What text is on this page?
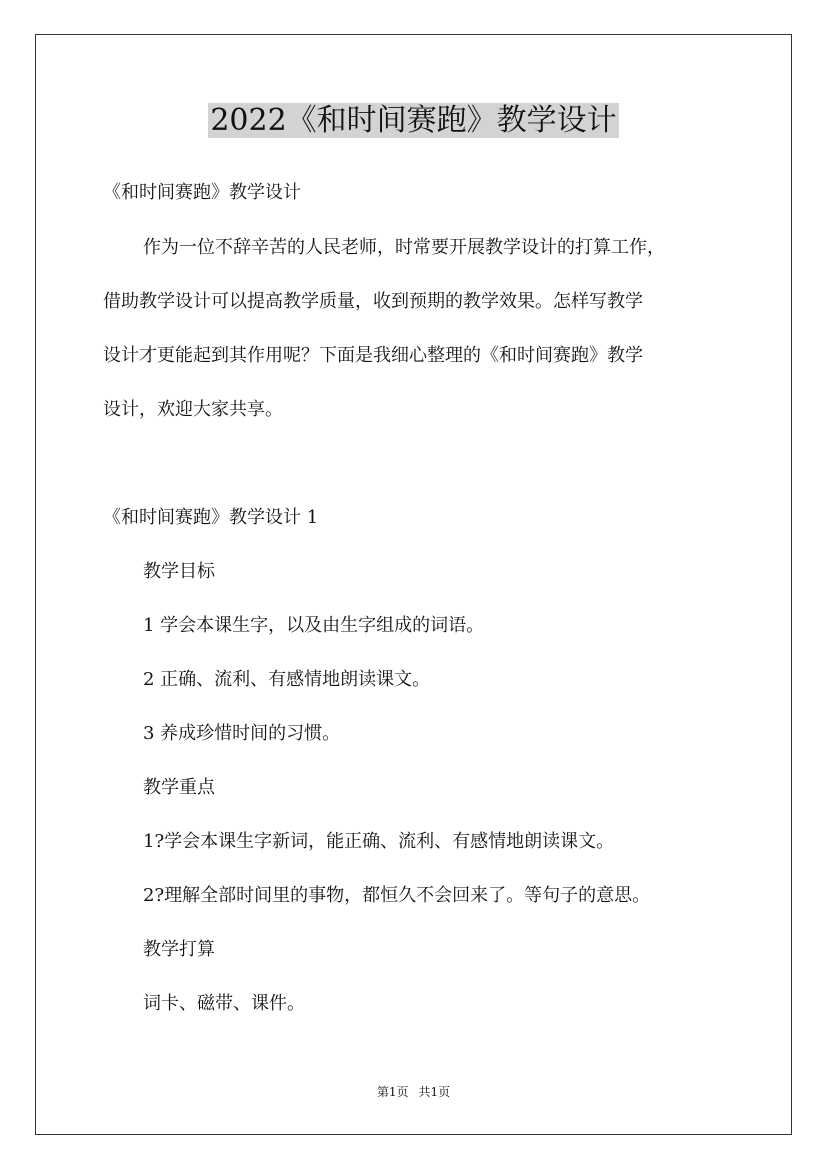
2022《和时间赛跑》教学设计
《和时间赛跑》教学设计
作为一位不辞辛苦的人民老师，时常要开展教学设计的打算工作，
借助教学设计可以提高教学质量，收到预期的教学效果。怎样写教学
设计才更能起到其作用呢？下面是我细心整理的《和时间赛跑》教学
设计，欢迎大家共享。
《和时间赛跑》教学设计 1
教学目标
1 学会本课生字，以及由生字组成的词语。
2 正确、流利、有感情地朗读课文。
3 养成珍惜时间的习惯。
教学重点
1?学会本课生字新词，能正确、流利、有感情地朗读课文。
2?理解全部时间里的事物，都恒久不会回来了。等句子的意思。
教学打算
词卡、磁带、课件。
第1页 共1页
